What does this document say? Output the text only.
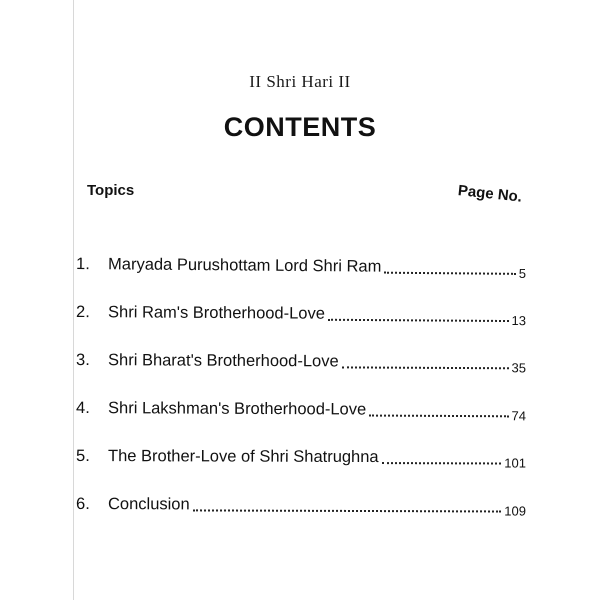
II Shri Hari II
CONTENTS
Topics	Page No.
1.	Maryada Purushottam Lord Shri Ram	5
2.	Shri Ram's Brotherhood-Love	13
3.	Shri Bharat's Brotherhood-Love	35
4.	Shri Lakshman's Brotherhood-Love	74
5.	The Brother-Love of Shri Shatrughna	101
6.	Conclusion	109
